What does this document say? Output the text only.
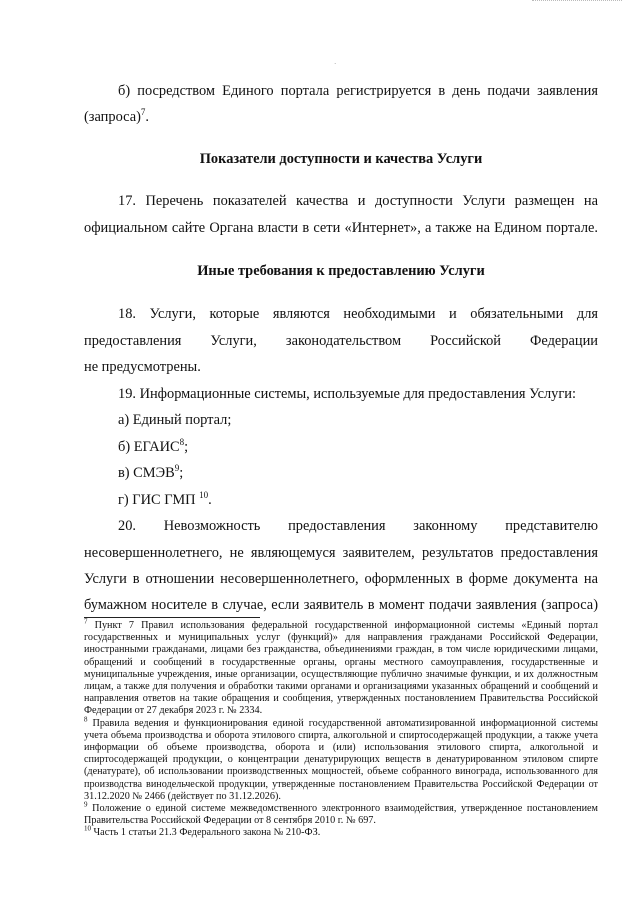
·

б) посредством Единого портала регистрируется в день подачи заявления

(запроса)$^7$.

Показатели доступности и качества Услуги

17. Перечень показателей качества и доступности Услуги размещен на

официальном сайте Органа власти в сети «Интернет», а также на Едином портале.

Иные требования к предоставлению Услуги

18. Услуги, которые являются необходимыми и обязательными для

предоставления Услуги, законодательством Российской Федерации

не предусмотрены.

19. Информационные системы, используемые для предоставления Услуги:

а) Единый портал;

б) ЕГАИС$^8$;

в) СМЭВ$^9$;

г) ГИС ГМП $^{10}$.

20. Невозможность предоставления законному представителю

несовершеннолетнего, не являющемуся заявителем, результатов предоставления

Услуги в отношении несовершеннолетнего, оформленных в форме документа на

бумажном носителе в случае, если заявитель в момент подачи заявления (запроса)

$^7$ Пункт 7 Правил использования федеральной государственной информационной системы «Единый портал государственных и муниципальных услуг (функций)» для направления гражданами Российской Федерации, иностранными гражданами, лицами без гражданства, объединениями граждан, в том числе юридическими лицами, обращений и сообщений в государственные органы, органы местного самоуправления, государственные и муниципальные учреждения, иные организации, осуществляющие публично значимые функции, и их должностным лицам, а также для получения и обработки такими органами и организациями указанных обращений и сообщений и направления ответов на такие обращения и сообщения, утвержденных постановлением Правительства Российской Федерации от 27 декабря 2023 г. № 2334.

$^8$ Правила ведения и функционирования единой государственной автоматизированной информационной системы учета объема производства и оборота этилового спирта, алкогольной и спиртосодержащей продукции, а также учета информации об объеме производства, оборота и (или) использования этилового спирта, алкогольной и спиртосодержащей продукции, о концентрации денатурирующих веществ в денатурированном этиловом спирте (денатурате), об использовании производственных мощностей, объеме собранного винограда, использованного для производства винодельческой продукции, утвержденные постановлением Правительства Российской Федерации от 31.12.2020 № 2466 (действует по 31.12.2026).

$^9$ Положение о единой системе межведомственного электронного взаимодействия, утвержденное постановлением Правительства Российской Федерации от 8 сентября 2010 г. № 697.

$^{10}$ Часть 1 статьи 21.3 Федерального закона № 210-ФЗ.
